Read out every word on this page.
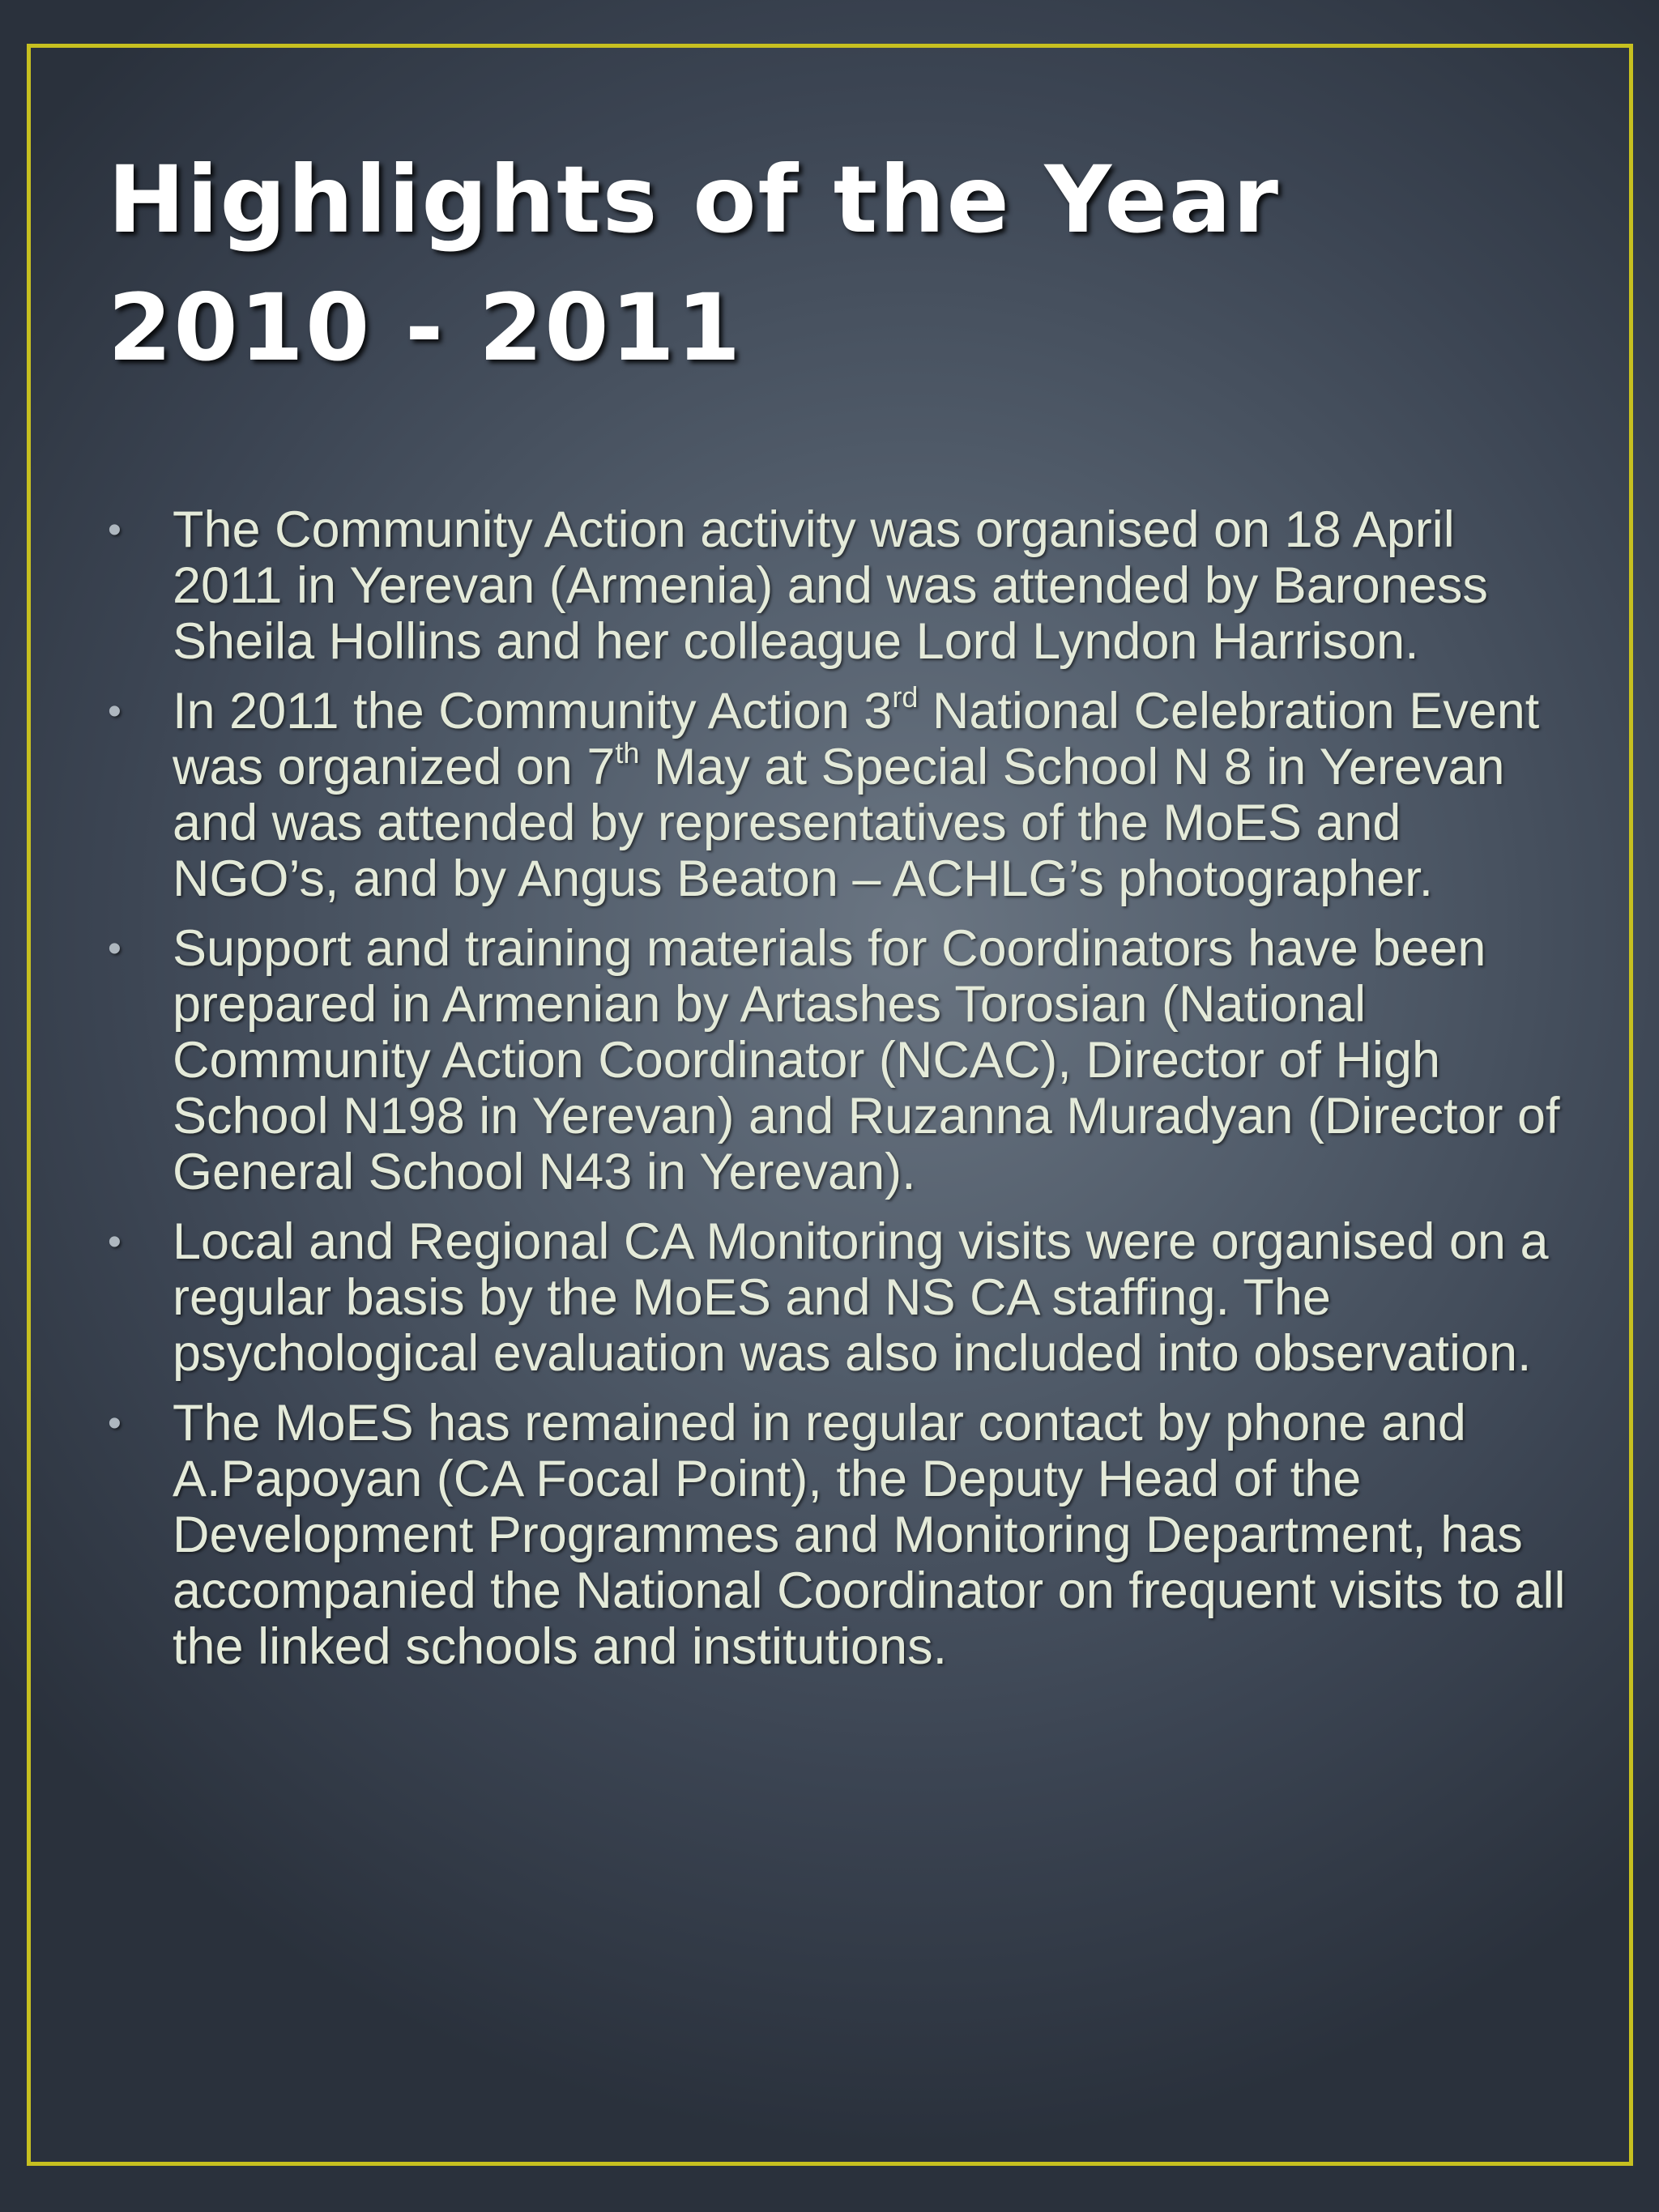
Highlights of the Year
2010 - 2011
• The Community Action activity was organised on 18 April 2011 in Yerevan (Armenia) and was attended by Baroness Sheila Hollins and her colleague Lord Lyndon Harrison.
• In 2011 the Community Action 3rd National Celebration Event was organized on 7th May at Special School N 8 in Yerevan and was attended by representatives of the MoES and NGO’s, and by Angus Beaton – ACHLG’s photographer.
• Support and training materials for Coordinators have been prepared in Armenian by Artashes Torosian (National Community Action Coordinator (NCAC), Director of High School N198 in Yerevan) and Ruzanna Muradyan (Director of General School N43 in Yerevan).
• Local and Regional CA Monitoring visits were organised on a regular basis by the MoES and NS CA staffing. The psychological evaluation was also included into observation.
• The MoES has remained in regular contact by phone and A.Papoyan (CA Focal Point), the Deputy Head of the Development Programmes and Monitoring Department, has accompanied the National Coordinator on frequent visits to all the linked schools and institutions.
